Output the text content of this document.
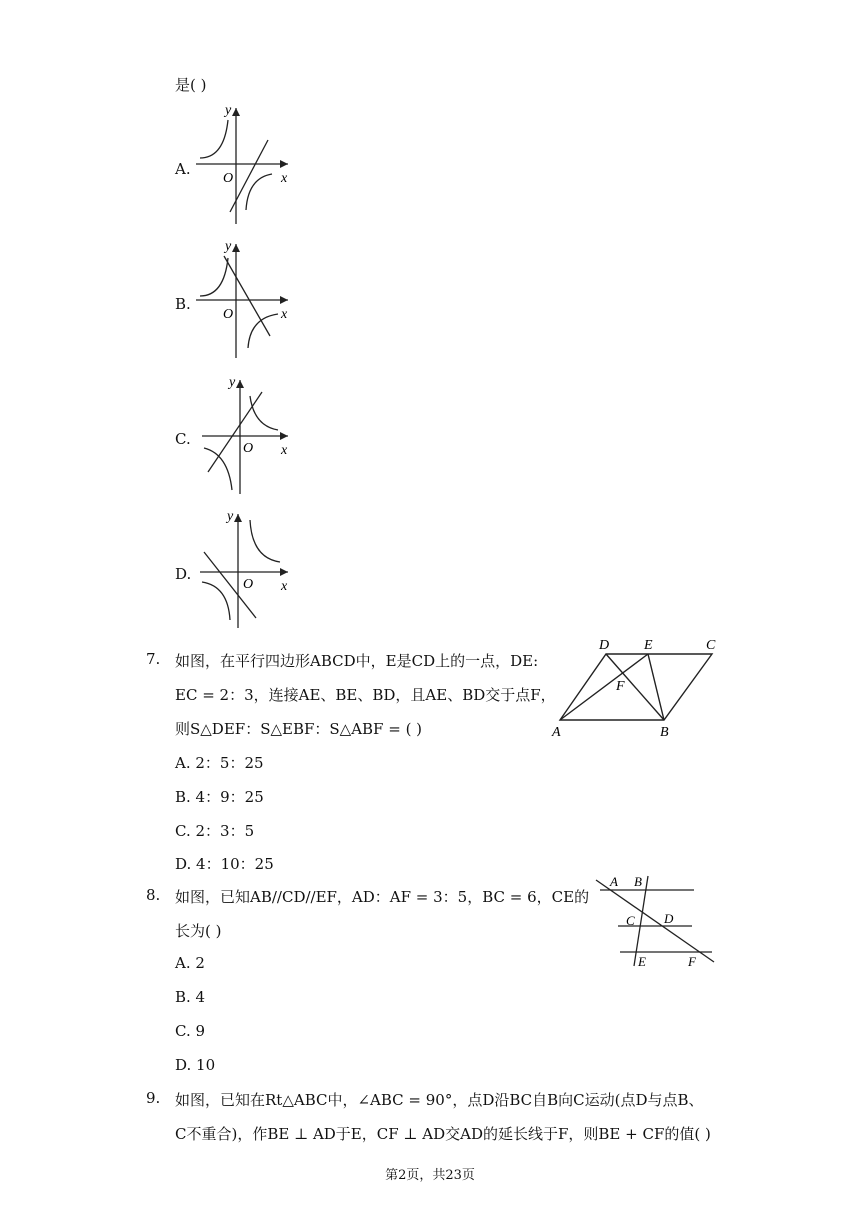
是( )
A.
y
x
O
B.
y
x
O
C.
y
x
O
D.
y
x
O
7. 如图，在平行四边形ABCD中，E是CD上的一点，DE:
EC = 2：3，连接AE、BE、BD，且AE、BD交于点F，
则S△DEF：S△EBF：S△ABF = ( )
A. 2：5：25
B. 4：9：25
C. 2：3：5
D. 4：10：25
D E	C
F
A	B
8. 如图，已知AB//CD//EF，AD：AF = 3：5，BC = 6，CE的
长为( )
A. 2
B. 4
C. 9
D. 10
A B
C D
E	F
9. 如图，已知在Rt△ABC中，∠ABC = 90°，点D沿BC自B向C运动(点D与点B、
C不重合)，作BE ⊥ AD于E，CF ⊥ AD交AD的延长线于F，则BE + CF的值( )
第2页，共23页
